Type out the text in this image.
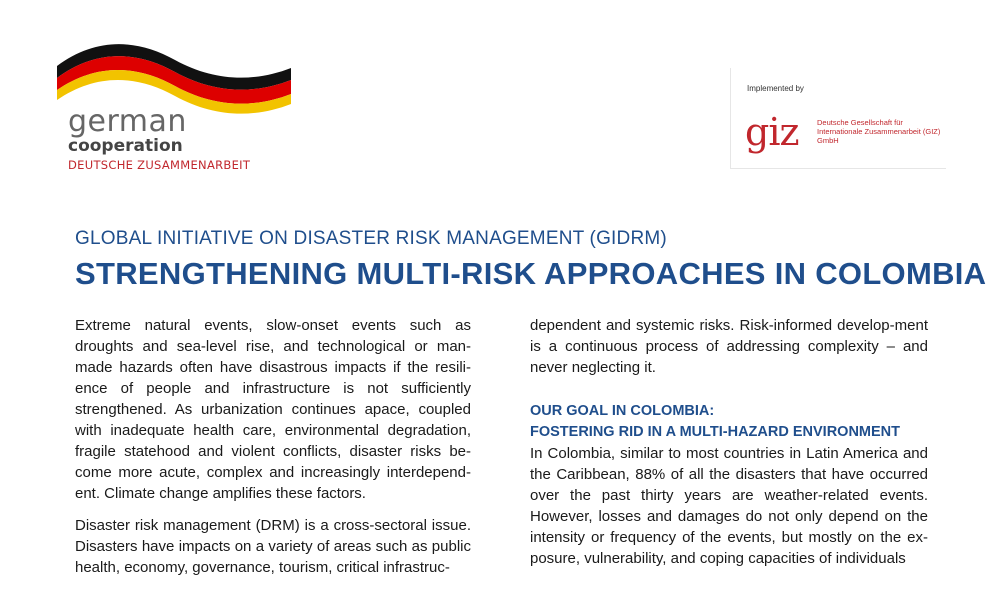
german
cooperation
DEUTSCHE ZUSAMMENARBEIT
Implemented by
giz Deutsche Gesellschaft für Internationale Zusammenarbeit (GIZ) GmbH
GLOBAL INITIATIVE ON DISASTER RISK MANAGEMENT (GIDRM)
STRENGTHENING MULTI-RISK APPROACHES IN COLOMBIA

Extreme natural events, slow-onset events such as droughts and sea-level rise, and technological or man-made hazards often have disastrous impacts if the resili-ence of people and infrastructure is not sufficiently strengthened. As urbanization continues apace, coupled with inadequate health care, environmental degradation, fragile statehood and violent conflicts, disaster risks be-come more acute, complex and increasingly interdepend-ent. Climate change amplifies these factors.

Disaster risk management (DRM) is a cross-sectoral issue. Disasters have impacts on a variety of areas such as public health, economy, governance, tourism, critical infrastruc-

dependent and systemic risks. Risk-informed develop-ment is a continuous process of addressing complexity – and never neglecting it.

OUR GOAL IN COLOMBIA:
FOSTERING RID IN A MULTI-HAZARD ENVIRONMENT

In Colombia, similar to most countries in Latin America and the Caribbean, 88% of all the disasters that have occurred over the past thirty years are weather-related events. However, losses and damages do not only depend on the intensity or frequency of the events, but mostly on the ex-posure, vulnerability, and coping capacities of individuals
